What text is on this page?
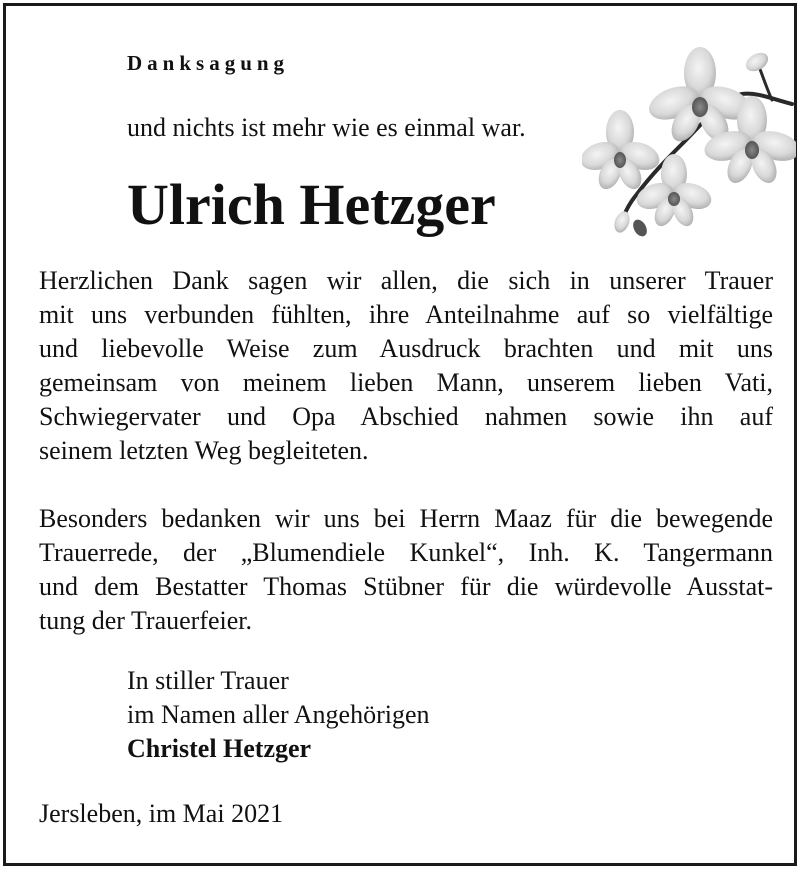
Danksagung
und nichts ist mehr wie es einmal war.
Ulrich Hetzger
Herzlichen Dank sagen wir allen, die sich in unserer Trauer
mit uns verbunden fühlten, ihre Anteilnahme auf so vielfältige
und liebevolle Weise zum Ausdruck brachten und mit uns
gemeinsam von meinem lieben Mann, unserem lieben Vati,
Schwiegervater und Opa Abschied nahmen sowie ihn auf
seinem letzten Weg begleiteten.
Besonders bedanken wir uns bei Herrn Maaz für die bewegende
Trauerrede, der „Blumendiele Kunkel“, Inh. K. Tangermann
und dem Bestatter Thomas Stübner für die würdevolle Ausstat-
tung der Trauerfeier.
In stiller Trauer
im Namen aller Angehörigen
Christel Hetzger
Jersleben, im Mai 2021
